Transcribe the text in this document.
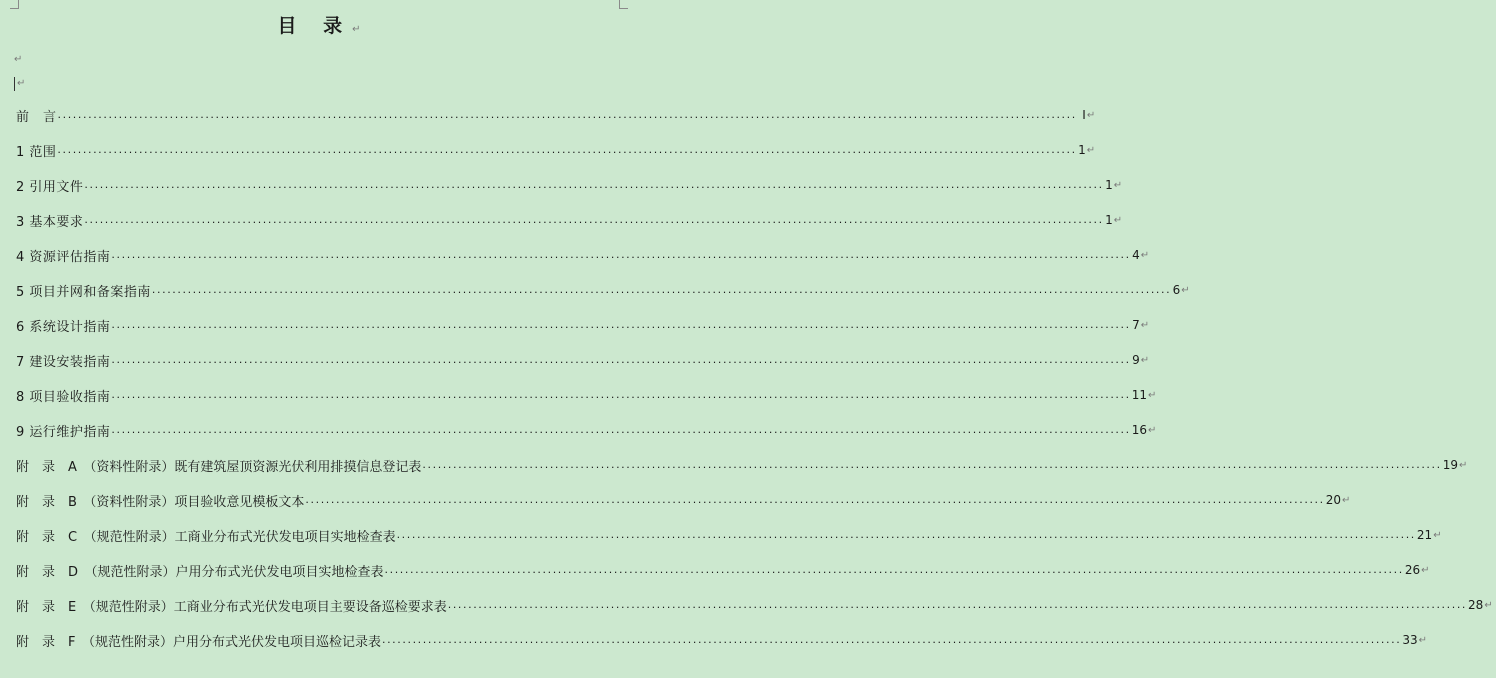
目 录↵
↵
↵
前　言 ........................................................................................................................................................................................................ I ↵
1 范围 ........................................................................................................................................................................................................ 1 ↵
2 引用文件 ........................................................................................................................................................................................................ 1 ↵
3 基本要求 ........................................................................................................................................................................................................ 1 ↵
4 资源评估指南 ........................................................................................................................................................................................................ 4 ↵
5 项目并网和备案指南 ........................................................................................................................................................................................................ 6 ↵
6 系统设计指南 ........................................................................................................................................................................................................ 7 ↵
7 建设安装指南 ........................................................................................................................................................................................................ 9 ↵
8 项目验收指南 ........................................................................................................................................................................................................ 11 ↵
9 运行维护指南 ........................................................................................................................................................................................................ 16 ↵
附　录　A　（资料性附录）既有建筑屋顶资源光伏利用排摸信息登记表 ........................................................................................................................................................................................................ 19 ↵
附　录　B　（资料性附录）项目验收意见模板文本 ........................................................................................................................................................................................................ 20 ↵
附　录　C　（规范性附录）工商业分布式光伏发电项目实地检查表 ........................................................................................................................................................................................................ 21 ↵
附　录　D　（规范性附录）户用分布式光伏发电项目实地检查表 ........................................................................................................................................................................................................ 26 ↵
附　录　E　（规范性附录）工商业分布式光伏发电项目主要设备巡检要求表 ........................................................................................................................................................................................................ 28 ↵
附　录　F　（规范性附录）户用分布式光伏发电项目巡检记录表 ........................................................................................................................................................................................................ 33 ↵
